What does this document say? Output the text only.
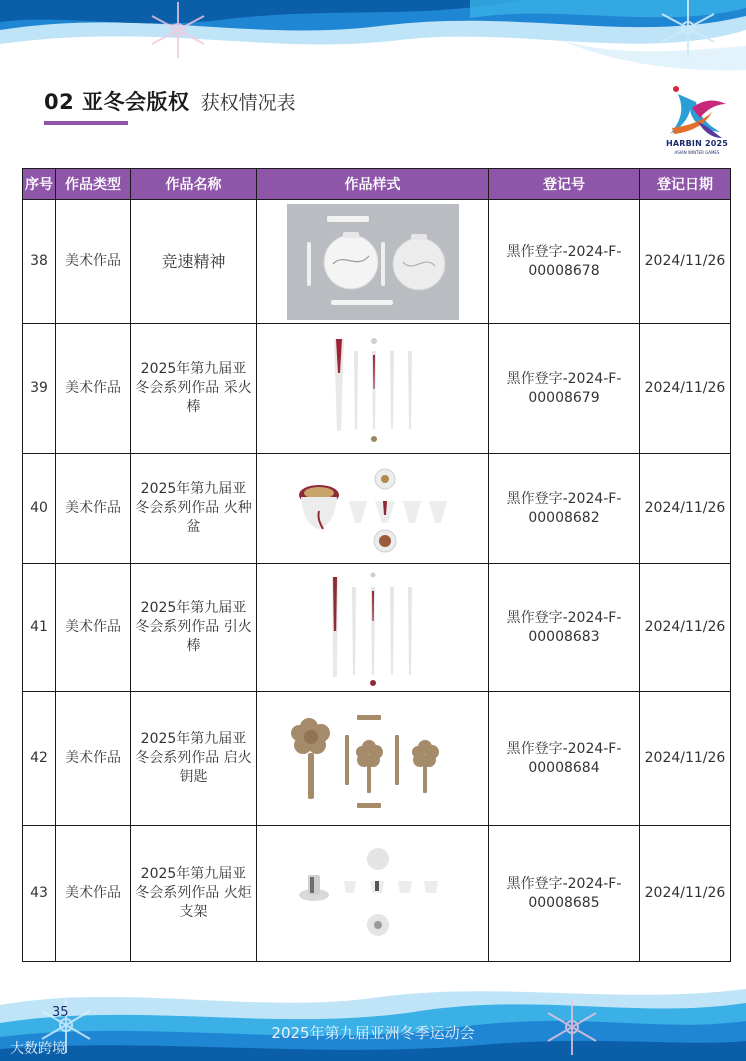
02 亚冬会版权 获权情况表
HARBIN 2025
ASIAN WINTER GAMES
序号	作品类型	作品名称	作品样式	登记号	登记日期
38	美术作品	竞速精神		黑作登字-2024-F-00008678	2024/11/26
39	美术作品	2025年第九届亚冬会系列作品 采火棒		黑作登字-2024-F-00008679	2024/11/26
40	美术作品	2025年第九届亚冬会系列作品 火种盆		黑作登字-2024-F-00008682	2024/11/26
41	美术作品	2025年第九届亚冬会系列作品 引火棒		黑作登字-2024-F-00008683	2024/11/26
42	美术作品	2025年第九届亚冬会系列作品 启火钥匙		黑作登字-2024-F-00008684	2024/11/26
43	美术作品	2025年第九届亚冬会系列作品 火炬支架		黑作登字-2024-F-00008685	2024/11/26
35
2025年第九届亚洲冬季运动会
大数跨境
